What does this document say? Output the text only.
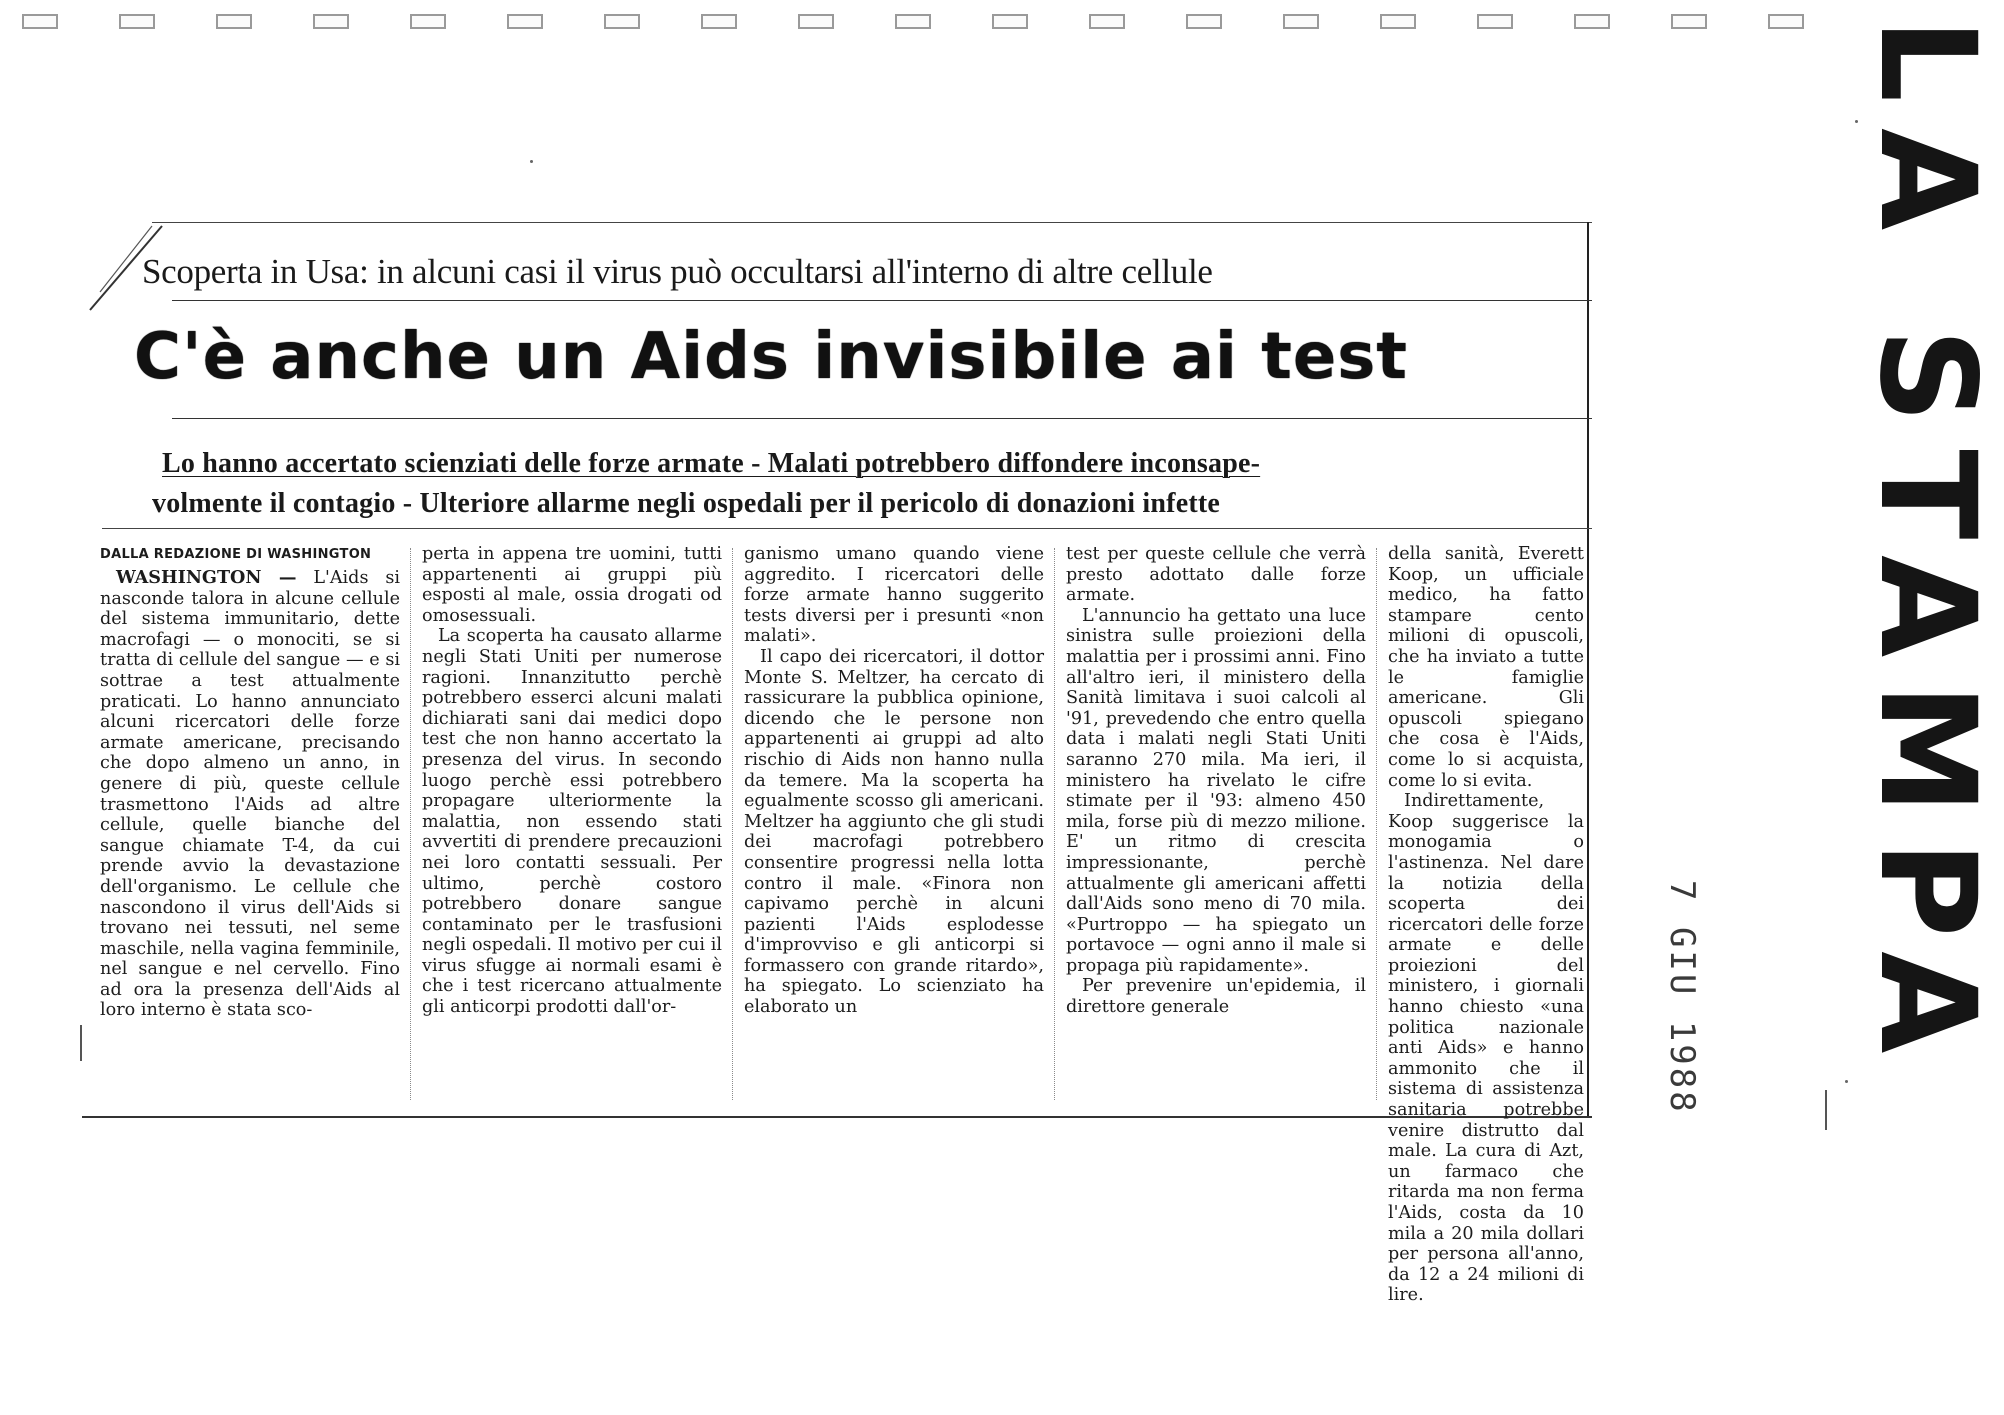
Scoperta in Usa: in alcuni casi il virus può occultarsi all'interno di altre cellule
C'è anche un Aids invisibile ai test
Lo hanno accertato scienziati delle forze armate - Malati potrebbero diffondere inconsape-
volmente il contagio - Ulteriore allarme negli ospedali per il pericolo di donazioni infette
DALLA REDAZIONE DI WASHINGTON

WASHINGTON — L'Aids si nasconde talora in alcune cellule del sistema immunitario, dette macrofagi — o monociti, se si tratta di cellule del sangue — e si sottrae a test attualmente praticati. Lo hanno annunciato alcuni ricercatori delle forze armate americane, precisando che dopo almeno un anno, in genere di più, queste cellule trasmettono l'Aids ad altre cellule, quelle bianche del sangue chiamate T-4, da cui prende avvio la devastazione dell'organismo. Le cellule che nascondono il virus dell'Aids si trovano nei tessuti, nel seme maschile, nella vagina femminile, nel sangue e nel cervello. Fino ad ora la presenza dell'Aids al loro interno è stata sco-

perta in appena tre uomini, tutti appartenenti ai gruppi più esposti al male, ossia drogati od omosessuali.

La scoperta ha causato allarme negli Stati Uniti per numerose ragioni. Innanzitutto perchè potrebbero esserci alcuni malati dichiarati sani dai medici dopo test che non hanno accertato la presenza del virus. In secondo luogo perchè essi potrebbero propagare ulteriormente la malattia, non essendo stati avvertiti di prendere precauzioni nei loro contatti sessuali. Per ultimo, perchè costoro potrebbero donare sangue contaminato per le trasfusioni negli ospedali. Il motivo per cui il virus sfugge ai normali esami è che i test ricercano attualmente gli anticorpi prodotti dall'or-

ganismo umano quando viene aggredito. I ricercatori delle forze armate hanno suggerito tests diversi per i presunti «non malati».

Il capo dei ricercatori, il dottor Monte S. Meltzer, ha cercato di rassicurare la pubblica opinione, dicendo che le persone non appartenenti ai gruppi ad alto rischio di Aids non hanno nulla da temere. Ma la scoperta ha egualmente scosso gli americani. Meltzer ha aggiunto che gli studi dei macrofagi potrebbero consentire progressi nella lotta contro il male. «Finora non capivamo perchè in alcuni pazienti l'Aids esplodesse d'improvviso e gli anticorpi si formassero con grande ritardo», ha spiegato. Lo scienziato ha elaborato un

test per queste cellule che verrà presto adottato dalle forze armate.

L'annuncio ha gettato una luce sinistra sulle proiezioni della malattia per i prossimi anni. Fino all'altro ieri, il ministero della Sanità limitava i suoi calcoli al '91, prevedendo che entro quella data i malati negli Stati Uniti saranno 270 mila. Ma ieri, il ministero ha rivelato le cifre stimate per il '93: almeno 450 mila, forse più di mezzo milione. E' un ritmo di crescita impressionante, perchè attualmente gli americani affetti dall'Aids sono meno di 70 mila. «Purtroppo — ha spiegato un portavoce — ogni anno il male si propaga più rapidamente».

Per prevenire un'epidemia, il direttore generale

della sanità, Everett Koop, un ufficiale medico, ha fatto stampare cento milioni di opuscoli, che ha inviato a tutte le famiglie americane. Gli opuscoli spiegano che cosa è l'Aids, come lo si acquista, come lo si evita.

Indirettamente, Koop suggerisce la monogamia o l'astinenza. Nel dare la notizia della scoperta dei ricercatori delle forze armate e delle proiezioni del ministero, i giornali hanno chiesto «una politica nazionale anti Aids» e hanno ammonito che il sistema di assistenza sanitaria potrebbe venire distrutto dal male. La cura di Azt, un farmaco che ritarda ma non ferma l'Aids, costa da 10 mila a 20 mila dollari per persona all'anno, da 12 a 24 milioni di lire.

7 GIU 1988 LA STAMPA
